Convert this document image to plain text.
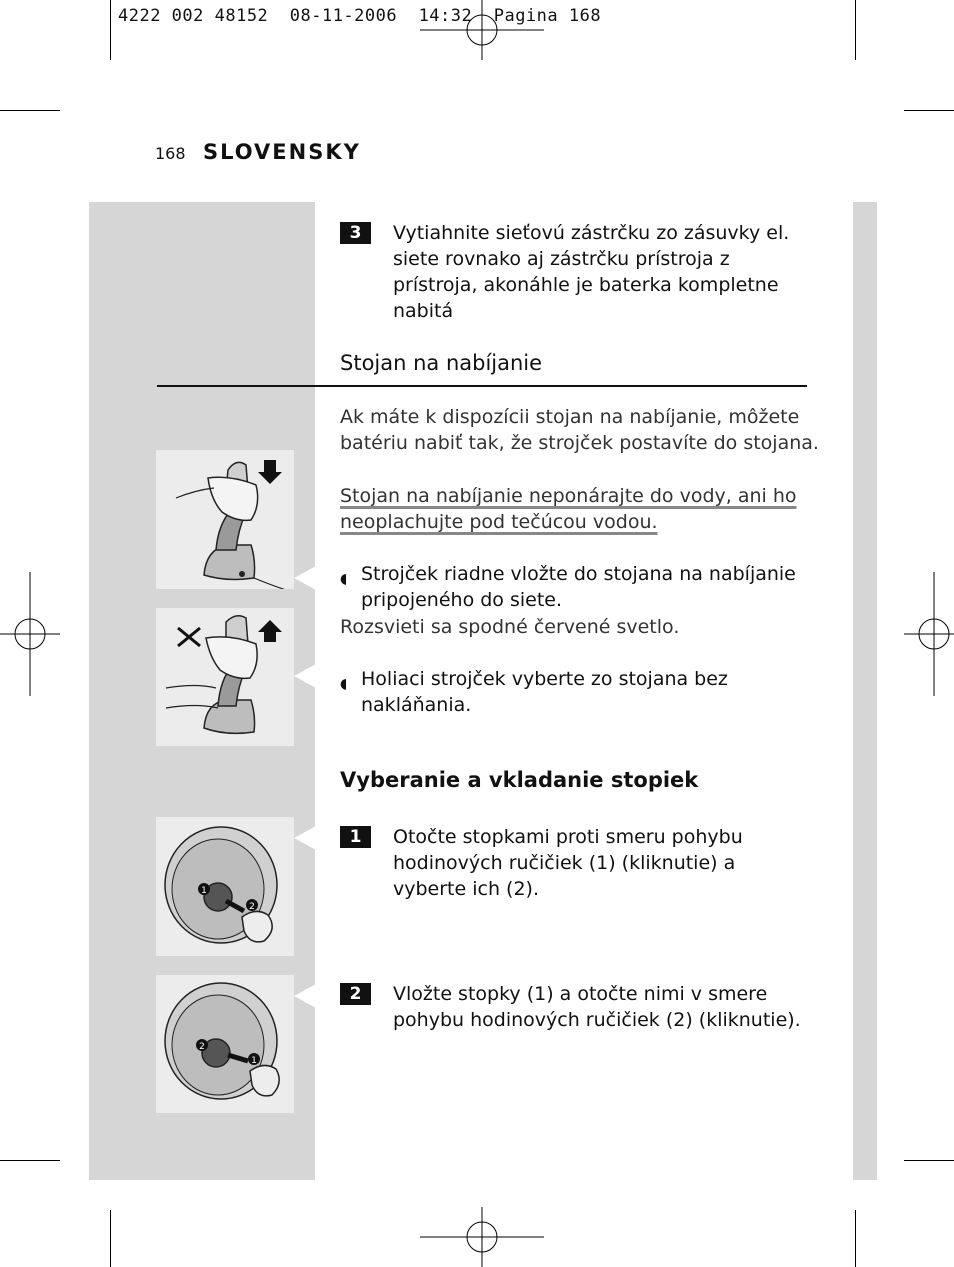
4222 002 48152  08-11-2006  14:32  Pagina 168
168 SLOVENSKY
3	Vytiahnite sieťovú zástrčku zo zásuvky el.
siete rovnako aj zástrčku prístroja z
prístroja, akonáhle je baterka kompletne
nabitá
Stojan na nabíjanie
Ak máte k dispozícii stojan na nabíjanie, môžete
batériu nabiť tak, že strojček postavíte do stojana.
Stojan na nabíjanie neponárajte do vody, ani ho
neoplachujte pod tečúcou vodou.
◖ Strojček riadne vložte do stojana na nabíjanie
pripojeného do siete.
Rozsvieti sa spodné červené svetlo.
◖ Holiaci strojček vyberte zo stojana bez
nakláňania.
Vyberanie a vkladanie stopiek
1	Otočte stopkami proti smeru pohybu
hodinových ručičiek (1) (kliknutie) a
vyberte ich (2).
2	Vložte stopky (1) a otočte nimi v smere
pohybu hodinových ručičiek (2) (kliknutie).
1
2
2
1
